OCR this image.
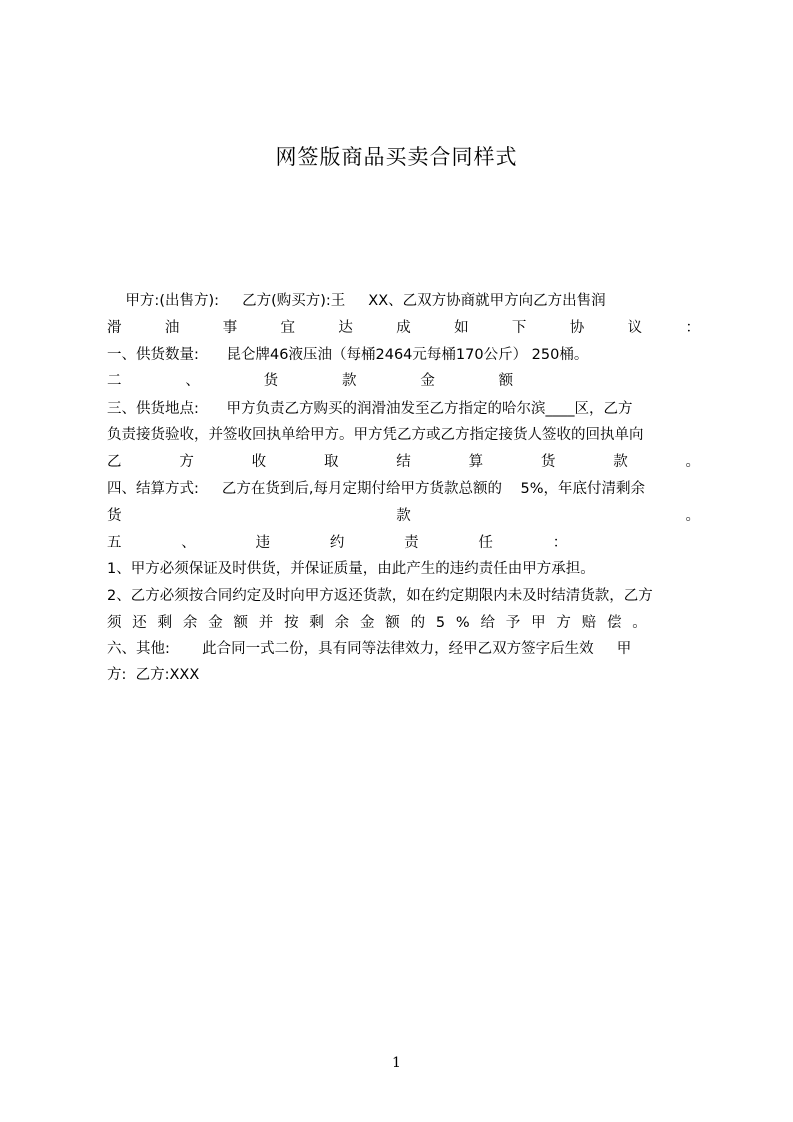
网签版商品买卖合同样式
甲方:(出售方):     乙方(购买方):王     XX、乙双方协商就甲方向乙方出售润
滑	油	事	宜	达	成	如	下	协	议	：
一、供货数量:      昆仑牌46液压油（每桶2464元每桶170公斤） 250桶。
二	、	货	款	金	额
三、供货地点:      甲方负责乙方购买的润滑油发至乙方指定的哈尔滨____区，乙方
负责接货验收，并签收回执单给甲方。甲方凭乙方或乙方指定接货人签收的回执单向
乙	方	收	取	结	算	货	款	。
四、结算方式:     乙方在货到后,每月定期付给甲方货款总额的    5%，年底付清剩余
货	款	。
五	、	违	约	责	任	：
1、甲方必须保证及时供货，并保证质量，由此产生的违约责任由甲方承担。
2、乙方必须按合同约定及时向甲方返还货款，如在约定期限内未及时结清货款，乙方
须 还 剩 余 金 额 并 按 剩 余 金 额 的 5 % 给 予 甲 方 赔 偿 。
六、其他:       此合同一式二份，具有同等法律效力，经甲乙双方签字后生效     甲
方:  乙方:XXX
1
